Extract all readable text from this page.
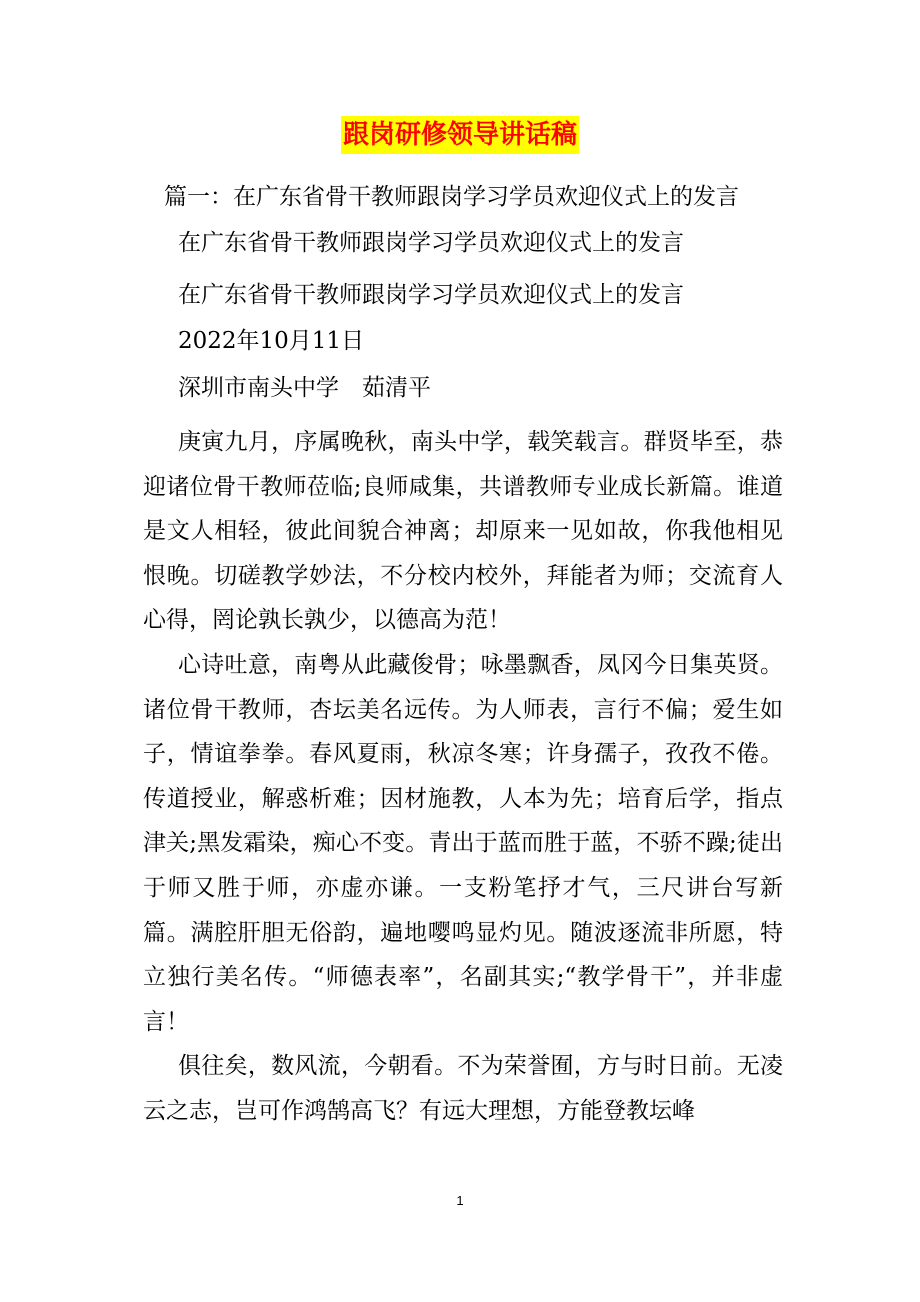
跟岗研修领导讲话稿
篇一：在广东省骨干教师跟岗学习学员欢迎仪式上的发言
在广东省骨干教师跟岗学习学员欢迎仪式上的发言
在广东省骨干教师跟岗学习学员欢迎仪式上的发言
2022年10月11日
深圳市南头中学　茹清平

庚寅九月，序属晚秋，南头中学，载笑载言。群贤毕至，恭迎诸位骨干教师莅临;良师咸集，共谱教师专业成长新篇。谁道是文人相轻，彼此间貌合神离；却原来一见如故，你我他相见恨晚。切磋教学妙法，不分校内校外，拜能者为师；交流育人心得，罔论孰长孰少，以德高为范！

心诗吐意，南粤从此藏俊骨；咏墨飘香，凤冈今日集英贤。诸位骨干教师，杏坛美名远传。为人师表，言行不偏；爱生如子，情谊拳拳。春风夏雨，秋凉冬寒；许身孺子，孜孜不倦。传道授业，解惑析难；因材施教，人本为先；培育后学，指点津关;黑发霜染，痴心不变。青出于蓝而胜于蓝，不骄不躁;徒出于师又胜于师，亦虚亦谦。一支粉笔抒才气，三尺讲台写新篇。满腔肝胆无俗韵，遍地嘤鸣显灼见。随波逐流非所愿，特立独行美名传。“师德表率”，名副其实;“教学骨干”，并非虚言！

俱往矣，数风流，今朝看。不为荣誉囿，方与时日前。无凌云之志，岂可作鸿鹄高飞？有远大理想，方能登教坛峰

1
